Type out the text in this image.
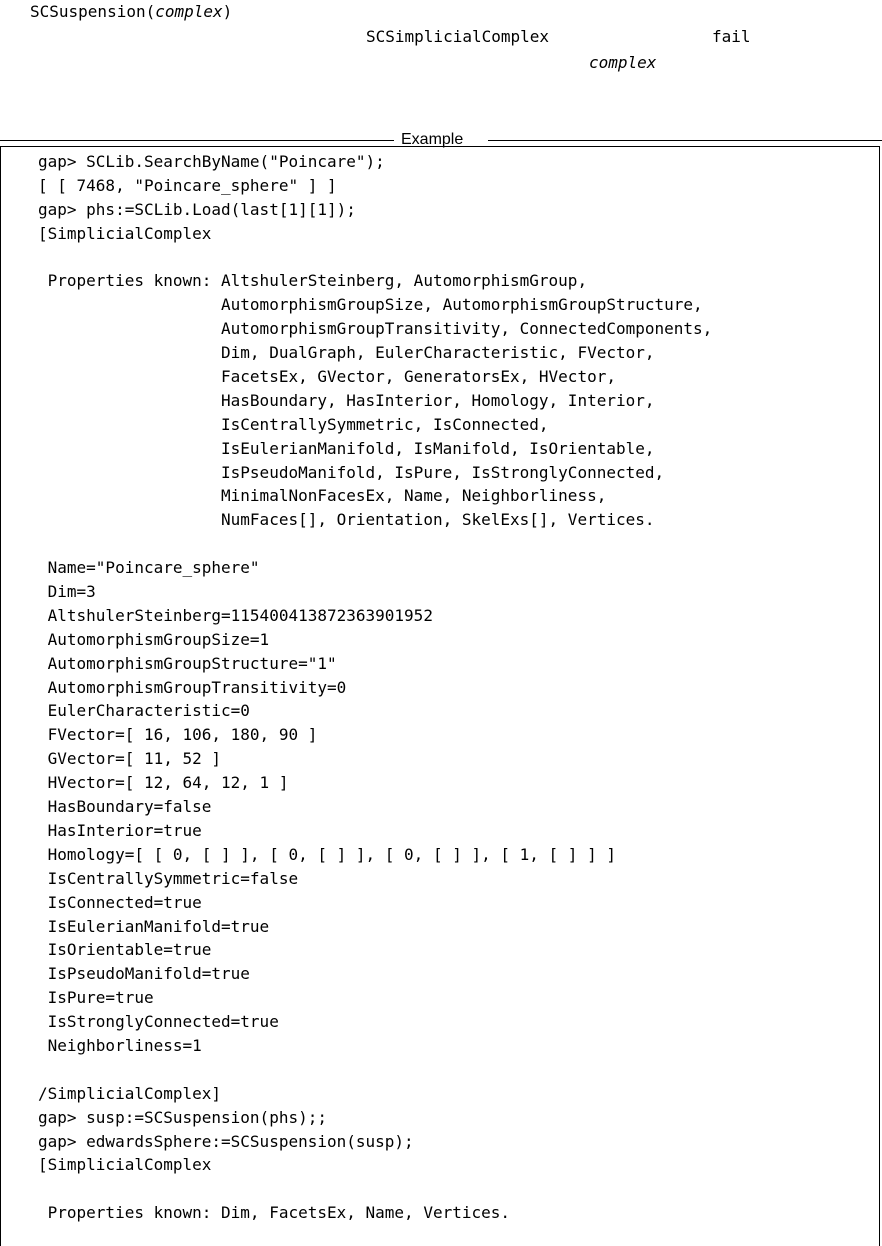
SCSuspension(complex)
SCSimplicialComplex	fail
complex
Example
gap> SCLib.SearchByName("Poincare");
[ [ 7468, "Poincare_sphere" ] ]
gap> phs:=SCLib.Load(last[1][1]);
[SimplicialComplex
Properties known: AltshulerSteinberg, AutomorphismGroup,
AutomorphismGroupSize, AutomorphismGroupStructure,
AutomorphismGroupTransitivity, ConnectedComponents,
Dim, DualGraph, EulerCharacteristic, FVector,
FacetsEx, GVector, GeneratorsEx, HVector,
HasBoundary, HasInterior, Homology, Interior,
IsCentrallySymmetric, IsConnected,
IsEulerianManifold, IsManifold, IsOrientable,
IsPseudoManifold, IsPure, IsStronglyConnected,
MinimalNonFacesEx, Name, Neighborliness,
NumFaces[], Orientation, SkelExs[], Vertices.
Name="Poincare_sphere"
Dim=3
AltshulerSteinberg=115400413872363901952
AutomorphismGroupSize=1
AutomorphismGroupStructure="1"
AutomorphismGroupTransitivity=0
EulerCharacteristic=0
FVector=[ 16, 106, 180, 90 ]
GVector=[ 11, 52 ]
HVector=[ 12, 64, 12, 1 ]
HasBoundary=false
HasInterior=true
Homology=[ [ 0, [ ] ], [ 0, [ ] ], [ 0, [ ] ], [ 1, [ ] ] ]
IsCentrallySymmetric=false
IsConnected=true
IsEulerianManifold=true
IsOrientable=true
IsPseudoManifold=true
IsPure=true
IsStronglyConnected=true
Neighborliness=1
/SimplicialComplex]
gap> susp:=SCSuspension(phs);;
gap> edwardsSphere:=SCSuspension(susp);
[SimplicialComplex
Properties known: Dim, FacetsEx, Name, Vertices.
